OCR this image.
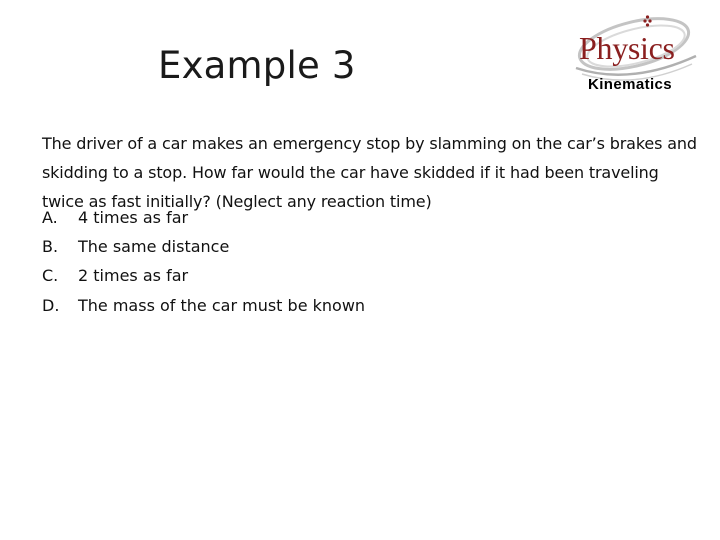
Example 3	Physics
Kinematics
The driver of a car makes an emergency stop by slamming on the car’s brakes and skidding to a stop. How far would the car have skidded if it had been traveling twice as fast initially? (Neglect any reaction time)
A.	4 times as far
B.	The same distance
C.	2 times as far
D.	The mass of the car must be known
